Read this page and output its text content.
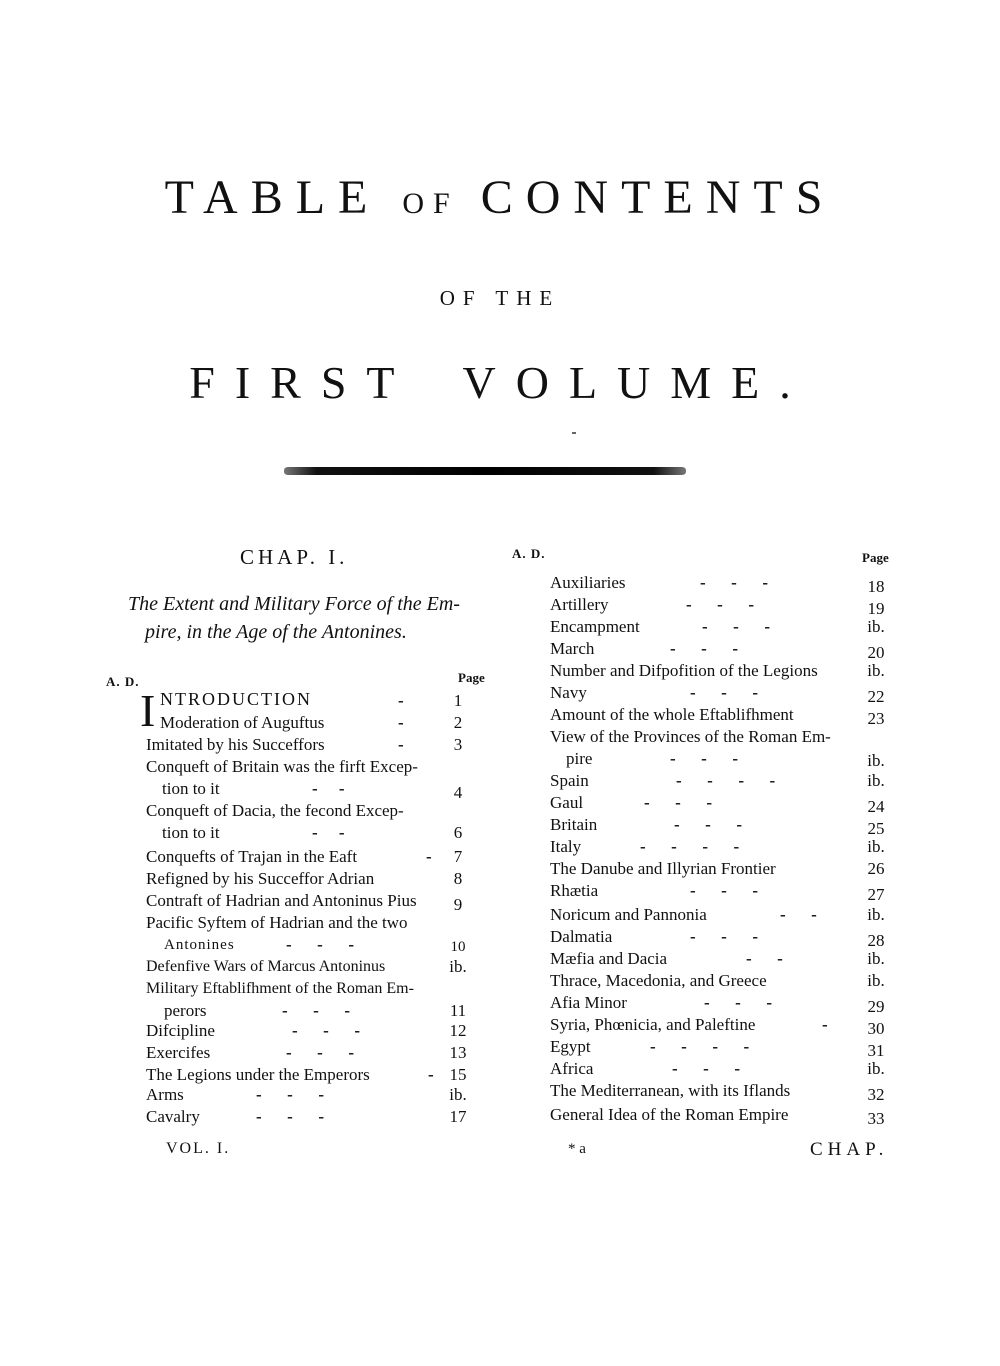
TABLE OF CONTENTS
OF THE
FIRST VOLUME.
CHAP. I.
The Extent and Military Force of the Em-
pire, in the Age of the Antonines.
A. D.	Page
A. D.	Page
I NTRODUCTION	-	1
Moderation of Auguftus	-	2
Imitated by his Succeffors	-	3
Conqueft of Britain was the firft Excep-
tion to it	-     -	4
Conqueft of Dacia, the fecond Excep-
tion to it	-     -	6
Conquefts of Trajan in the Eaft	-	7
Refigned by his Succeffor Adrian	8
Contraft of Hadrian and Antoninus Pius	9
Pacific Syftem of Hadrian and the two
Antonines	-      -      -	10
Defenfive Wars of Marcus Antoninus	ib.
Military Eftablifhment of the Roman Em-
perors	-      -      -	11
Difcipline	-      -      -	12
Exercifes	-      -      -	13
The Legions under the Emperors	- 15
Arms	-      -      -	ib.
Cavalry	-      -      -	17
Auxiliaries	-      -      -	18
Artillery	-      -      -	19
Encampment	-      -      -	ib.
March	-      -      -	20
Number and Difpofition of the Legions	ib.
Navy	-      -      -	22
Amount of the whole Eftablifhment	23
View of the Provinces of the Roman Em-
pire	-      -      -	ib.
Spain	-      -      -      -	ib.
Gaul	-      -      -	24
Britain	-      -      -	25
Italy	-      -      -      -	ib.
The Danube and Illyrian Frontier	26
Rhætia	-      -      -	27
Noricum and Pannonia	-      -	ib.
Dalmatia	-      -      -	28
Mæfia and Dacia	-      -	ib.
Thrace, Macedonia, and Greece	ib.
Afia Minor	-      -      -	29
Syria, Phœnicia, and Paleftine	-	30
Egypt	-      -      -      -	31
Africa	-      -      -	ib.
The Mediterranean, with its Iflands	32
General Idea of the Roman Empire	33
VOL. I.	* a	CHAP.
